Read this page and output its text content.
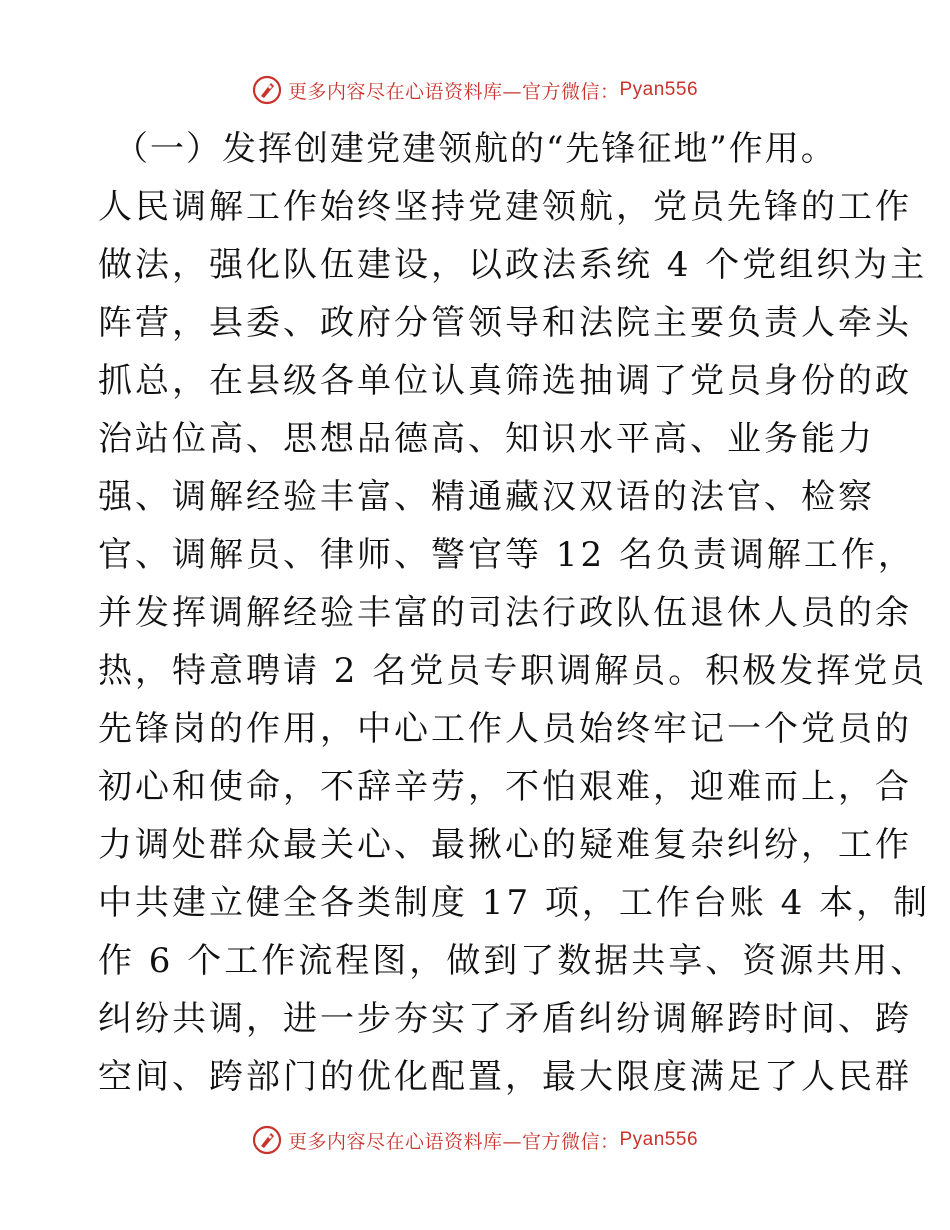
更多内容尽在心语资料库—官方微信： Pyan556
（一）发挥创建党建领航的“先锋征地”作用。
人民调解工作始终坚持党建领航，党员先锋的工作
做法，强化队伍建设，以政法系统 4 个党组织为主
阵营，县委、政府分管领导和法院主要负责人牵头
抓总，在县级各单位认真筛选抽调了党员身份的政
治站位高、思想品德高、知识水平高、业务能力
强、调解经验丰富、精通藏汉双语的法官、检察
官、调解员、律师、警官等 12 名负责调解工作，
并发挥调解经验丰富的司法行政队伍退休人员的余
热，特意聘请 2 名党员专职调解员。积极发挥党员
先锋岗的作用，中心工作人员始终牢记一个党员的
初心和使命，不辞辛劳，不怕艰难，迎难而上，合
力调处群众最关心、最揪心的疑难复杂纠纷，工作
中共建立健全各类制度 17 项，工作台账 4 本，制
作 6 个工作流程图，做到了数据共享、资源共用、
纠纷共调，进一步夯实了矛盾纠纷调解跨时间、跨
空间、跨部门的优化配置，最大限度满足了人民群
更多内容尽在心语资料库—官方微信： Pyan556
